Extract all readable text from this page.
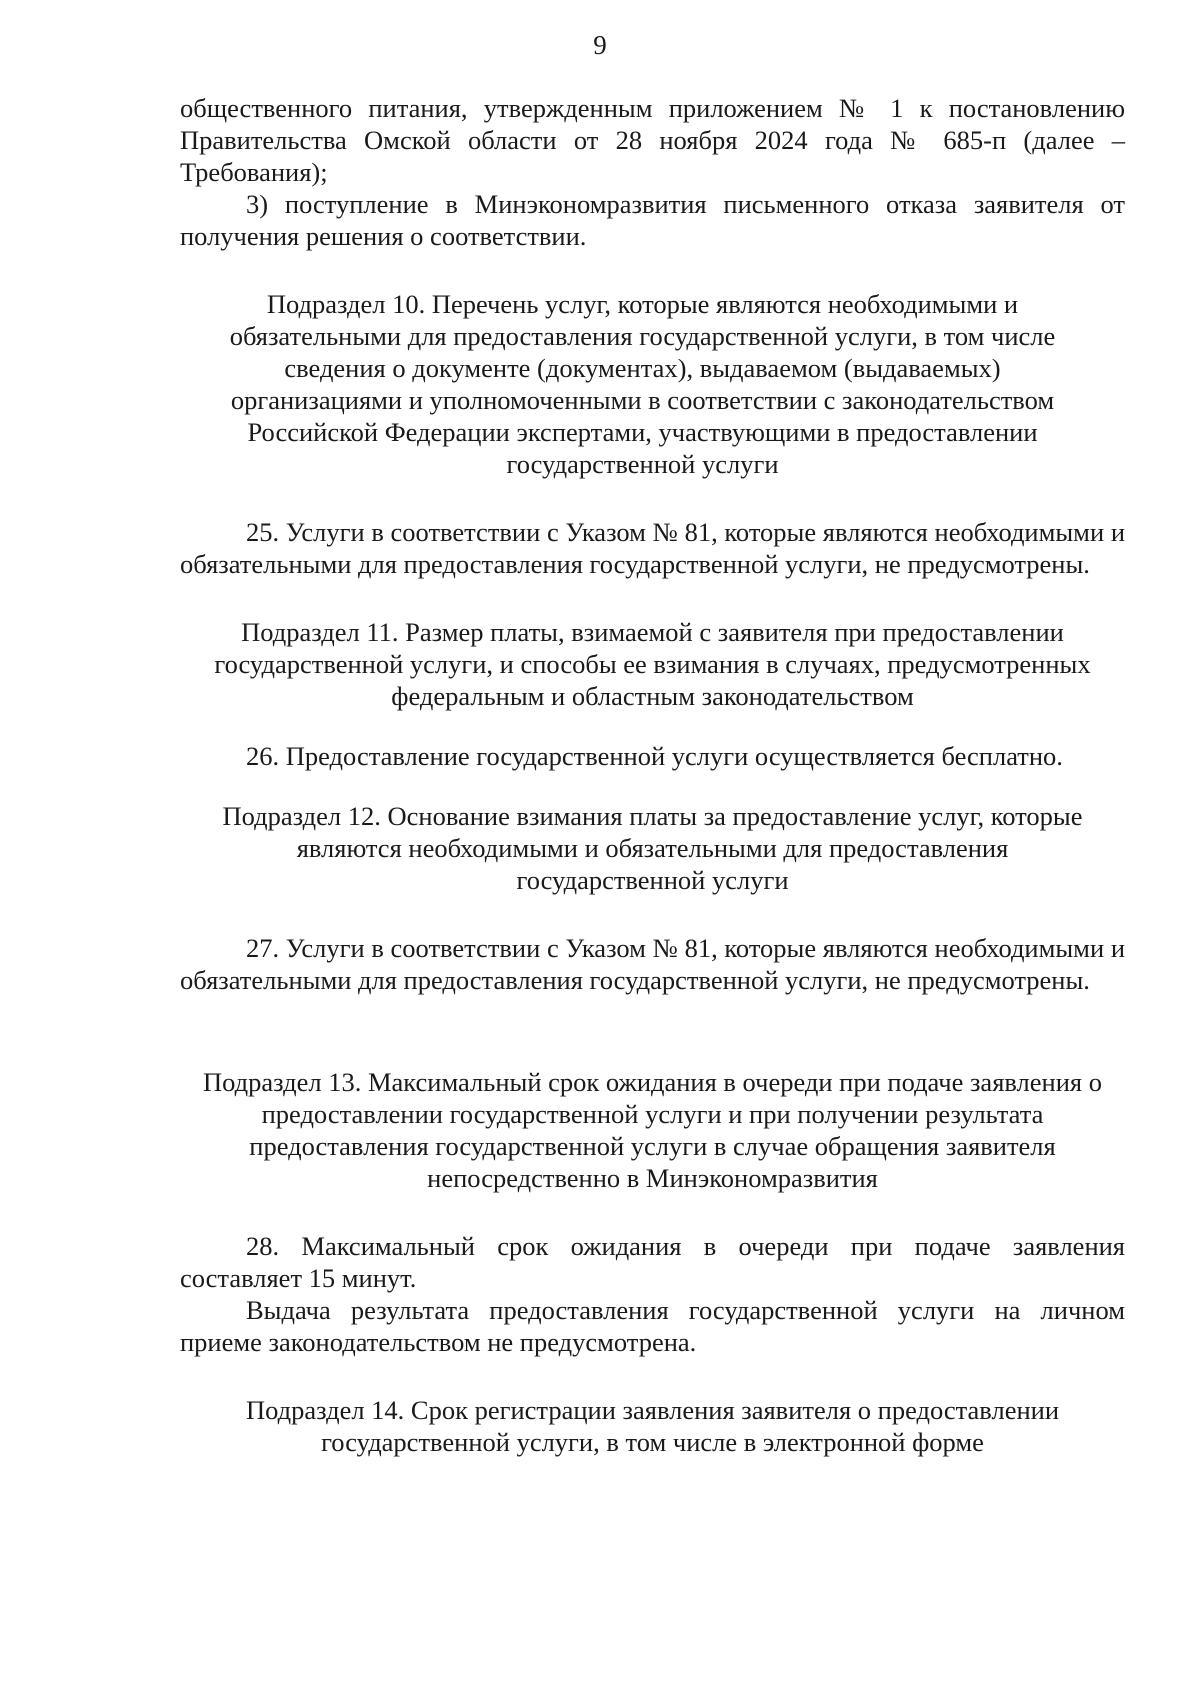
9

общественного питания, утвержденным приложением № 1 к постановлению Правительства Омской области от 28 ноября 2024 года № 685-п (далее – Требования);

3) поступление в Минэкономразвития письменного отказа заявителя от получения решения о соответствии.

Подраздел 10. Перечень услуг, которые являются необходимыми и обязательными для предоставления государственной услуги, в том числе сведения о документе (документах), выдаваемом (выдаваемых) организациями и уполномоченными в соответствии с законодательством Российской Федерации экспертами, участвующими в предоставлении государственной услуги

25. Услуги в соответствии с Указом № 81, которые являются необходимыми и обязательными для предоставления государственной услуги, не предусмотрены.

Подраздел 11. Размер платы, взимаемой с заявителя при предоставлении государственной услуги, и способы ее взимания в случаях, предусмотренных федеральным и областным законодательством

26. Предоставление государственной услуги осуществляется бесплатно.

Подраздел 12. Основание взимания платы за предоставление услуг, которые являются необходимыми и обязательными для предоставления государственной услуги

27. Услуги в соответствии с Указом № 81, которые являются необходимыми и обязательными для предоставления государственной услуги, не предусмотрены.

Подраздел 13. Максимальный срок ожидания в очереди при подаче заявления о предоставлении государственной услуги и при получении результата предоставления государственной услуги в случае обращения заявителя непосредственно в Минэкономразвития

28. Максимальный срок ожидания в очереди при подаче заявления составляет 15 минут.

Выдача результата предоставления государственной услуги на личном приеме законодательством не предусмотрена.

Подраздел 14. Срок регистрации заявления заявителя о предоставлении государственной услуги, в том числе в электронной форме
